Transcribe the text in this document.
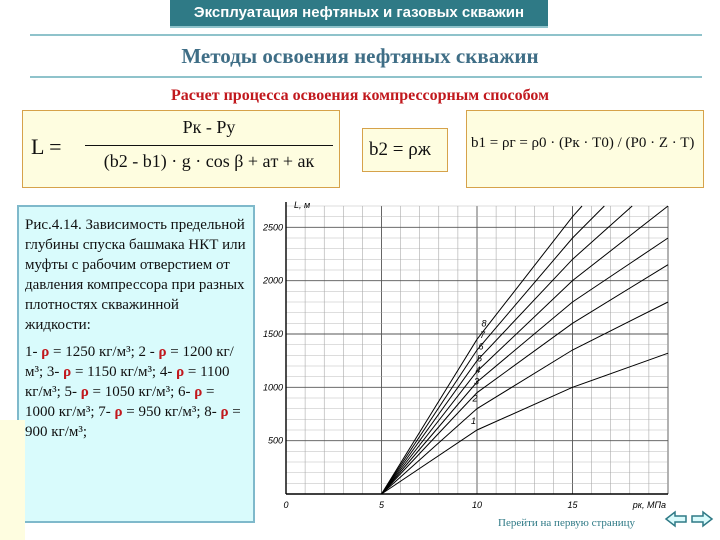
Эксплуатация нефтяных и газовых скважин
Методы освоения нефтяных скважин
Расчет процесса освоения компрессорным способом
L =
Pк - Pу
(b2 - b1) · g · cos β + aт + aк
b2 = ρж	b1 = ρг = ρ0 · (Pк · T0) / (P0 · Z · T)

Рис.4.14. Зависимость предельной глубины спуска башмака НКТ или муфты с рабочим отверстием от давления компрессора при разных плотностях скважинной жидкости:

1- ρ = 1250 кг/м³; 2 - ρ = 1200 кг/м³; 3- ρ = 1150 кг/м³; 4- ρ = 1100 кг/м³; 5- ρ = 1050 кг/м³; 6- ρ = 1000 кг/м³; 7- ρ = 950 кг/м³; 8- ρ = 900 кг/м³;
0	5	10	15
500
1000
1500
2000
2500
L, м
pк, МПа
1
2
3
4
5
6
7
8
Перейти на первую страницу
